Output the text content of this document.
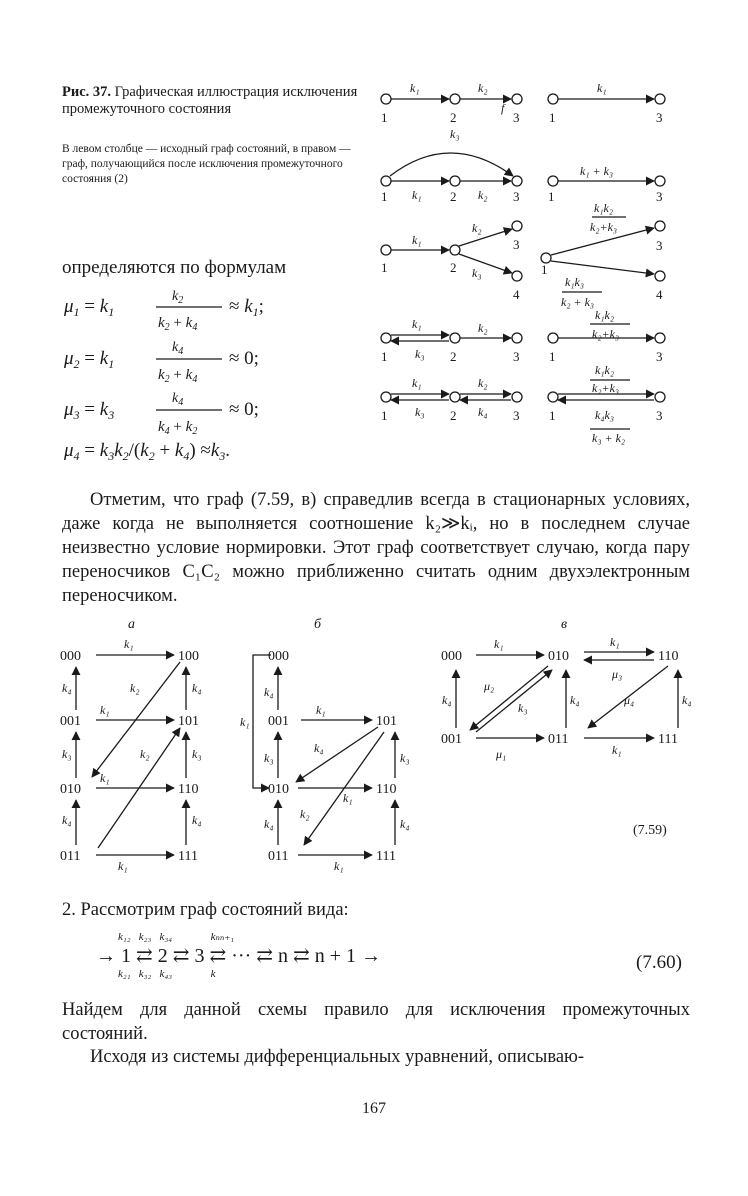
Рис. 37. Графическая иллюстрация исключения промежуточного состояния
В левом столбце — исходный граф состояний, в правом — граф, получающийся после исключения промежуточного состояния (2)
1	2	3 1	3
1	2	3 1	3
1	2
3
4
3
4
1	2	3 1	3
1	2	3 1	3
1
k₁	k₂
f
k₁
k₃
k₁	k₂
k₁ + k₃
k₁
k₂
k₃
k₁k₂
k₂+k₃
k₁k₃
k₂ + k₃
k₁
k₃
k₂
k₁k₂
k₂+k₃
k₁
k₃
k₂
k₄
k₁k₂
k₂+k₃
k₄k₃
k₃ + k₂
определяются по формулам
$\mu_1 = k_1$
$k_2$
$k_2 + k_4$
≈ $k_1$;
$\mu_2 = k_1$
$k_4$
$k_2 + k_4$
≈ 0;
$\mu_3 = k_3$
$k_4$
$k_4 + k_2$
≈ 0;
$\mu_4 = k_3k_2/(k_2 + k_4) \approx k_3$.
Отметим, что граф (7.59, в) справедлив всегда в стационарных условиях, даже когда не выполняется соотношение k₂≫kᵢ, но в последнем случае неизвестно условие нормировки. Этот граф соответствует случаю, когда пару переносчиков C₁C₂ можно приближенно считать одним двухэлектронным переносчиком.
а	б	в
000	100
001	101
010	110
011	111
000
001	101
010	110
011	111
000	010	110
001	011	111
(7.59)
k₁
k₄	k₂	k₄
k₁
k₃	k₂	k₃
k₁
k₄	k₄
k₁
k₁
k₄
k₁
k₃
k₄
k₃
k₁
k₂
k₄	k₄
k₁
k₁	k₁
μ₃
k₄
μ₂
k₃
k₄	μ₄	k₄
μ₁	k₁
2. Рассмотрим граф состояний вида:
k₁₂   k₂₃   k₃₄              kₙₙ₊₁
→ 1 ⇄ 2 ⇄ 3 ⇄ ··· ⇄ n ⇄ n + 1 →
k₂₁   k₃₂   k₄₃              k
(7.60)
Найдем для данной схемы правило для исключения промежуточных состояний.
Исходя из системы дифференциальных уравнений, описываю-
167
